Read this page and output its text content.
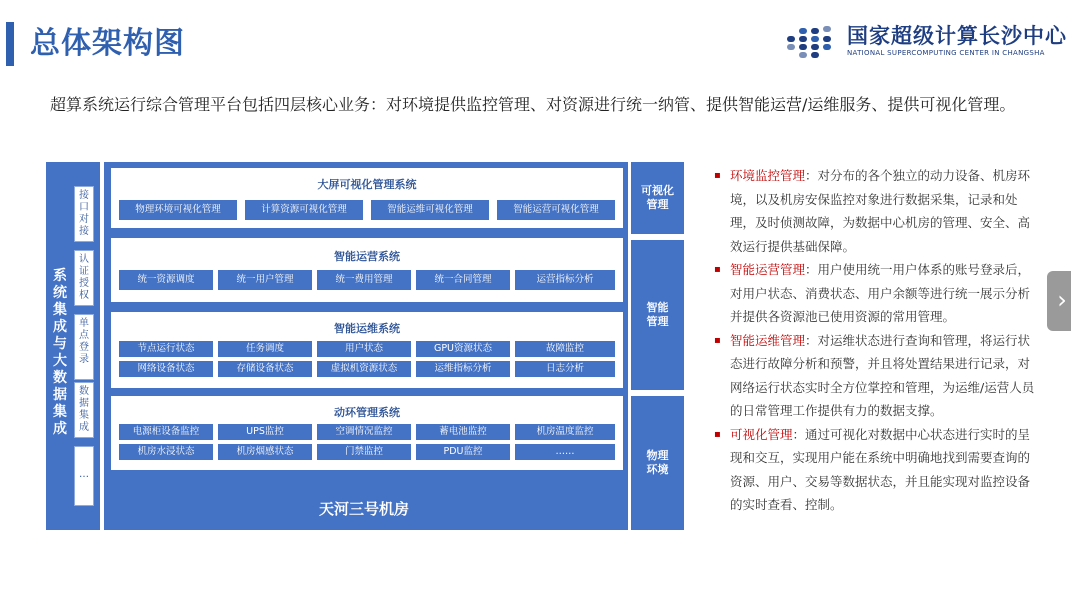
总体架构图	国家超级计算长沙中心
NATIONAL SUPERCOMPUTING CENTER IN CHANGSHA
超算系统运行综合管理平台包括四层核心业务：对环境提供监控管理、对资源进行统一纳管、提供智能运营/运维服务、提供可视化管理。
系统集成与大数据集成
接口对接
认证授权
单点登录
数据集成
…
大屏可视化管理系统
物理环境可视化管理	计算资源可视化管理	智能运维可视化管理	智能运营可视化管理
智能运营系统
统一资源调度	统一用户管理	统一费用管理	统一合同管理	运营指标分析
智能运维系统
节点运行状态	任务调度	用户状态	GPU资源状态	故障监控
网络设备状态	存储设备状态	虚拟机资源状态	运维指标分析	日志分析
动环管理系统
电源柜设备监控	UPS监控	空调情况监控	蓄电池监控	机房温度监控
机房水浸状态	机房烟感状态	门禁监控	PDU监控	……
天河三号机房
可视化管理
智能管理
物理环境

▪ 环境监控管理：对分布的各个独立的动力设备、机房环境，以及机房安保监控对象进行数据采集，记录和处理，及时侦测故障，为数据中心机房的管理、安全、高效运行提供基础保障。

▪ 智能运营管理：用户使用统一用户体系的账号登录后，对用户状态、消费状态、用户余额等进行统一展示分析并提供各资源池已使用资源的常用管理。

▪ 智能运维管理：对运维状态进行查询和管理，将运行状态进行故障分析和预警，并且将处置结果进行记录，对网络运行状态实时全方位掌控和管理，为运维/运营人员的日常管理工作提供有力的数据支撑。

▪ 可视化管理：通过可视化对数据中心状态进行实时的呈现和交互，实现用户能在系统中明确地找到需要查询的资源、用户、交易等数据状态，并且能实现对监控设备的实时查看、控制。

›
